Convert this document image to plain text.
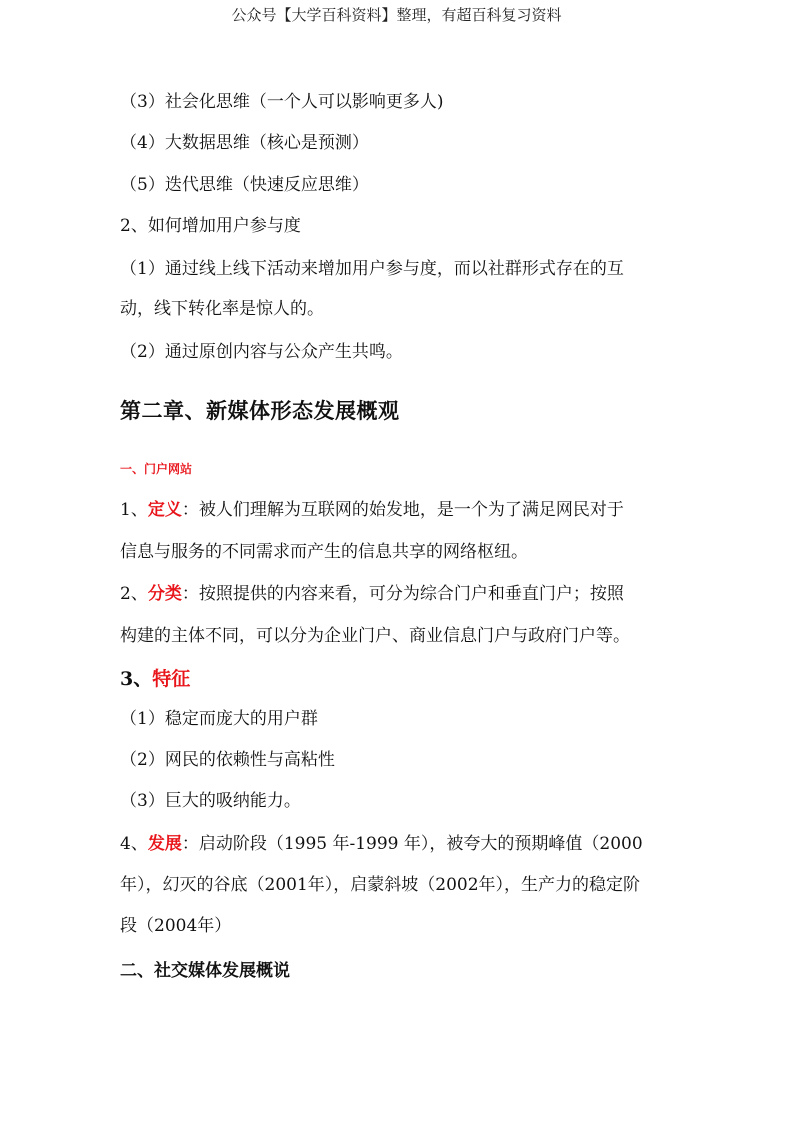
公众号【大学百科资料】整理，有超百科复习资料
（3）社会化思维（一个人可以影响更多人)
（4）大数据思维（核心是预测）
（5）迭代思维（快速反应思维）
2、如何增加用户参与度
（1）通过线上线下活动来增加用户参与度，而以社群形式存在的互
动，线下转化率是惊人的。
（2）通过原创内容与公众产生共鸣。
第二章、新媒体形态发展概观
一、门户网站
1、定义：被人们理解为互联网的始发地，是一个为了满足网民对于
信息与服务的不同需求而产生的信息共享的网络枢纽。
2、分类：按照提供的内容来看，可分为综合门户和垂直门户；按照
构建的主体不同，可以分为企业门户、商业信息门户与政府门户等。
3、特征
（1）稳定而庞大的用户群
（2）网民的依赖性与高粘性
（3）巨大的吸纳能力。
4、发展：启动阶段（1995 年-1999 年），被夸大的预期峰值（2000
年），幻灭的谷底（2001年），启蒙斜坡（2002年），生产力的稳定阶
段（2004年）
二、社交媒体发展概说
